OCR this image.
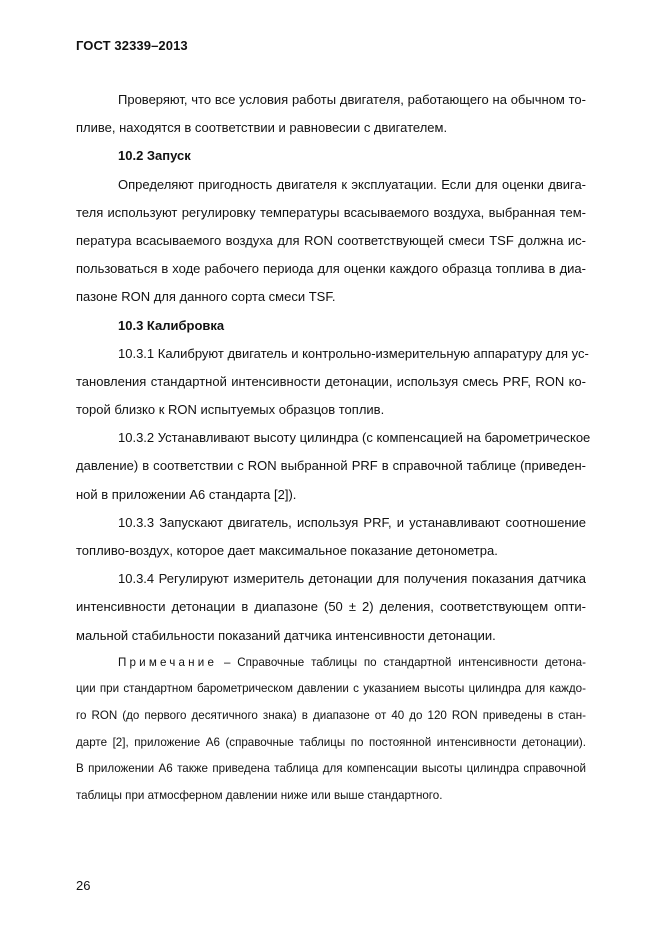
ГОСТ 32339–2013
Проверяют, что все условия работы двигателя, работающего на обычном то-
пливе, находятся в соответствии и равновесии с двигателем.
10.2 Запуск
Определяют пригодность двигателя к эксплуатации. Если для оценки двига-
теля используют регулировку температуры всасываемого воздуха, выбранная тем-
пература всасываемого воздуха для RON соответствующей смеси TSF должна ис-
пользоваться в ходе рабочего периода для оценки каждого образца топлива в диа-
пазоне RON для данного сорта смеси TSF.
10.3 Калибровка
10.3.1 Калибруют двигатель и контрольно-измерительную аппаратуру для ус-
тановления стандартной интенсивности детонации, используя смесь PRF, RON ко-
торой близко к RON испытуемых образцов топлив.
10.3.2 Устанавливают высоту цилиндра (с компенсацией на барометрическое
давление) в соответствии с RON выбранной PRF в справочной таблице (приведен-
ной в приложении А6 стандарта [2]).
10.3.3 Запускают двигатель, используя PRF, и устанавливают соотношение
топливо-воздух, которое дает максимальное показание детонометра.
10.3.4 Регулируют измеритель детонации для получения показания датчика
интенсивности детонации в диапазоне (50 ± 2) деления, соответствующем опти-
мальной стабильности показаний датчика интенсивности детонации.
Примечание – Справочные таблицы по стандартной интенсивности детона-
ции при стандартном барометрическом давлении с указанием высоты цилиндра для каждо-
го RON (до первого десятичного знака) в диапазоне от 40 до 120 RON приведены в стан-
дарте [2], приложение А6 (справочные таблицы по постоянной интенсивности детонации).
В приложении А6 также приведена таблица для компенсации высоты цилиндра справочной
таблицы при атмосферном давлении ниже или выше стандартного.
26
